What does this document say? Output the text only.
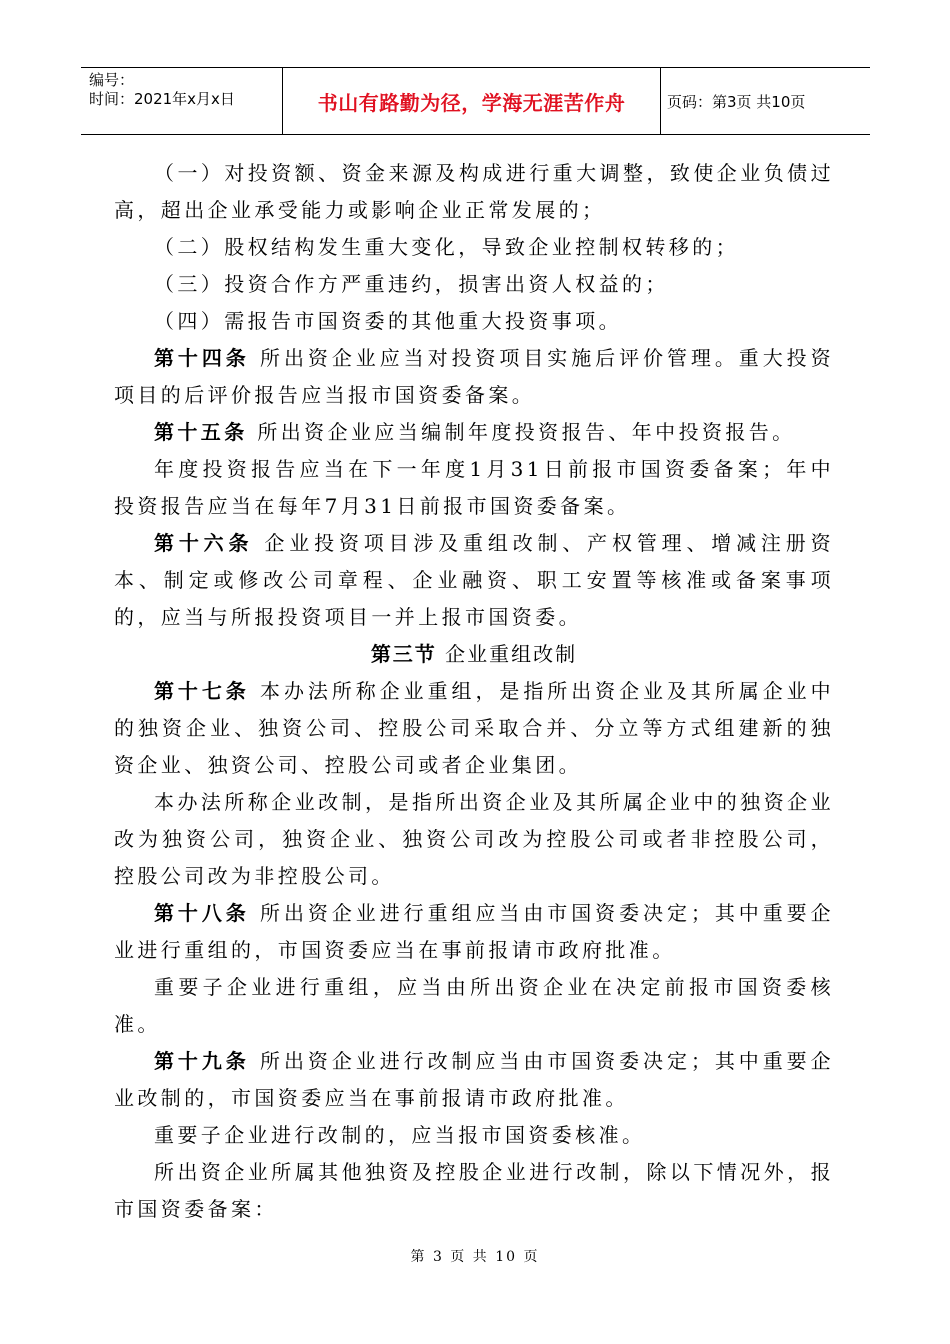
编号：
时间：2021年x月x日	书山有路勤为径，学海无涯苦作舟	页码：第3页 共10页

（一）对投资额、资金来源及构成进行重大调整，致使企业负债过高，超出企业承受能力或影响企业正常发展的；

（二）股权结构发生重大变化，导致企业控制权转移的；

（三）投资合作方严重违约，损害出资人权益的；

（四）需报告市国资委的其他重大投资事项。

第十四条 所出资企业应当对投资项目实施后评价管理。重大投资项目的后评价报告应当报市国资委备案。

第十五条 所出资企业应当编制年度投资报告、年中投资报告。

年度投资报告应当在下一年度1月31日前报市国资委备案；年中投资报告应当在每年7月31日前报市国资委备案。

第十六条 企业投资项目涉及重组改制、产权管理、增减注册资本、制定或修改公司章程、企业融资、职工安置等核准或备案事项的，应当与所报投资项目一并上报市国资委。

第三节 企业重组改制

第十七条 本办法所称企业重组，是指所出资企业及其所属企业中的独资企业、独资公司、控股公司采取合并、分立等方式组建新的独资企业、独资公司、控股公司或者企业集团。

本办法所称企业改制，是指所出资企业及其所属企业中的独资企业改为独资公司，独资企业、独资公司改为控股公司或者非控股公司，控股公司改为非控股公司。

第十八条 所出资企业进行重组应当由市国资委决定；其中重要企业进行重组的，市国资委应当在事前报请市政府批准。

重要子企业进行重组，应当由所出资企业在决定前报市国资委核准。

第十九条 所出资企业进行改制应当由市国资委决定；其中重要企业改制的，市国资委应当在事前报请市政府批准。

重要子企业进行改制的，应当报市国资委核准。

所出资企业所属其他独资及控股企业进行改制，除以下情况外，报市国资委备案：

第 3 页 共 10 页
